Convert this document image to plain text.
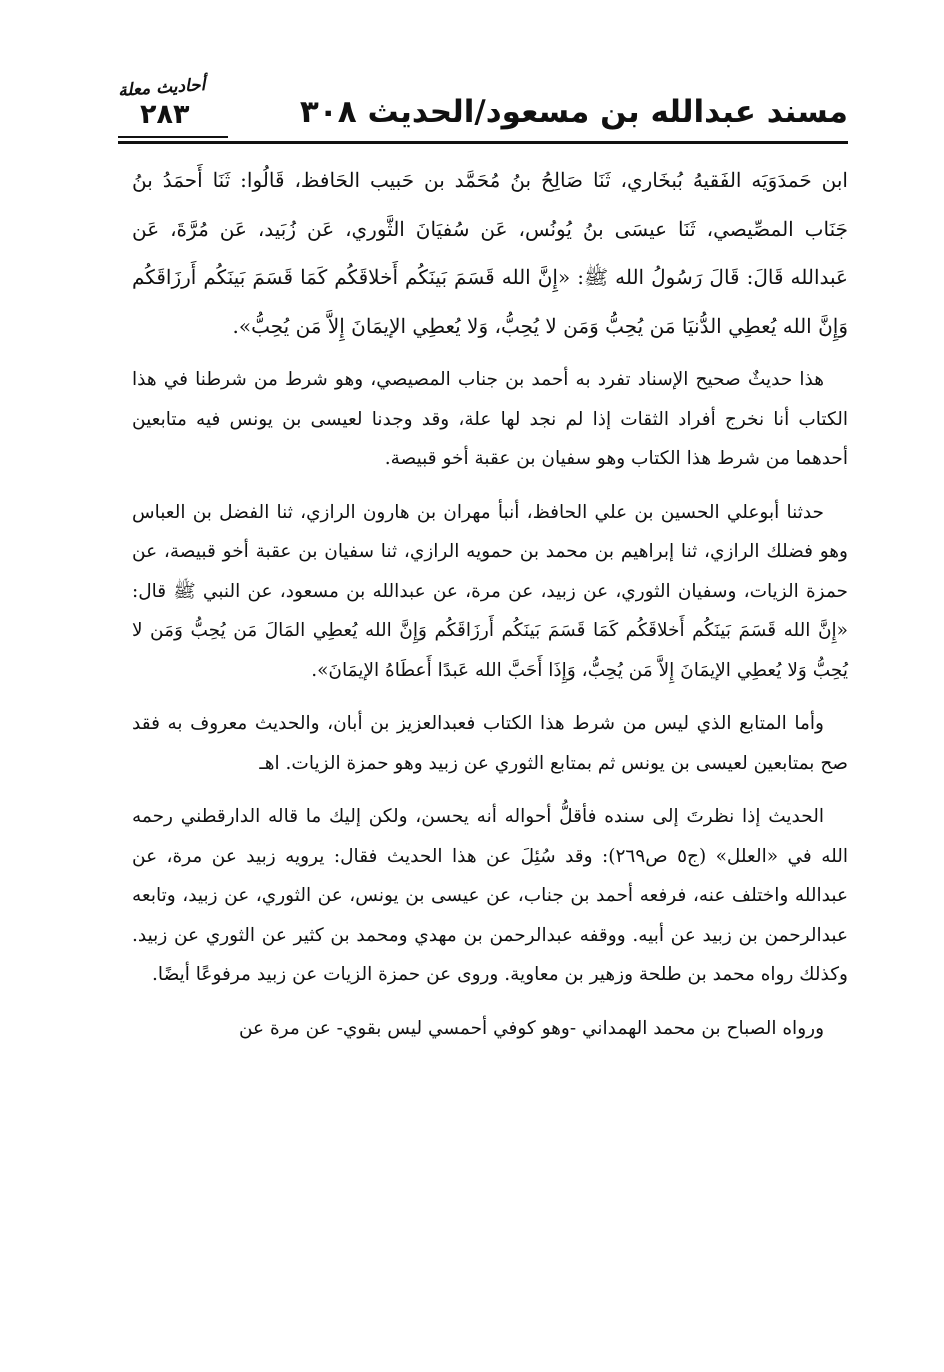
مسند عبدالله بن مسعود/الحديث ٣٠٨
أحاديث معلة
٢٨٣

ابن حَمدَوَيَه الفَقيهُ بُبخَاري، ثَنَا صَالِحُ بنُ مُحَمَّد بن حَبيب الحَافظ، قَالُوا: ثَنَا أَحمَدُ بنُ جَنَاب المصِّيصي، ثَنَا عيسَى بنُ يُونُس، عَن سُفيَانَ الثَّوري، عَن زُبَيد، عَن مُرَّةَ، عَن عَبدالله قَالَ: قَالَ رَسُولُ الله ﷺ: «إِنَّ الله قَسَمَ بَينَكُم أَخلاقَكُم كَمَا قَسَمَ بَينَكُم أَرزَاقَكُم وَإِنَّ الله يُعطِي الدُّنيَا مَن يُحِبُّ وَمَن لا يُحِبُّ، وَلا يُعطِي الإيمَانَ إِلاَّ مَن يُحِبُّ».

هذا حديثٌ صحيح الإسناد تفرد به أحمد بن جناب المصيصي، وهو شرط من شرطنا في هذا الكتاب أنا نخرج أفراد الثقات إذا لم نجد لها علة، وقد وجدنا لعيسى بن يونس فيه متابعين أحدهما من شرط هذا الكتاب وهو سفيان بن عقبة أخو قبيصة.

حدثنا أبوعلي الحسين بن علي الحافظ، أنبأ مهران بن هارون الرازي، ثنا الفضل بن العباس وهو فضلك الرازي، ثنا إبراهيم بن محمد بن حمويه الرازي، ثنا سفيان بن عقبة أخو قبيصة، عن حمزة الزيات، وسفيان الثوري، عن زبيد، عن مرة، عن عبدالله بن مسعود، عن النبي ﷺ قال: «إِنَّ الله قَسَمَ بَينَكُم أَخلاقَكُم كَمَا قَسَمَ بَينَكُم أَرزَاقَكُم وَإِنَّ الله يُعطِي المَالَ مَن يُحِبُّ وَمَن لا يُحِبُّ وَلا يُعطِي الإيمَانَ إِلاَّ مَن يُحِبُّ، وَإِذَا أَحَبَّ الله عَبدًا أَعطَاهُ الإيمَانَ».

وأما المتابع الذي ليس من شرط هذا الكتاب فعبدالعزيز بن أبان، والحديث معروف به فقد صح بمتابعين لعيسى بن يونس ثم بمتابع الثوري عن زبيد وهو حمزة الزيات. اهـ

الحديث إذا نظرتَ إلى سنده فأقلُّ أحواله أنه يحسن، ولكن إليك ما قاله الدارقطني رحمه الله في «العلل» (ج٥ ص٢٦٩): وقد سُئِلَ عن هذا الحديث فقال: يرويه زبيد عن مرة، عن عبدالله واختلف عنه، فرفعه أحمد بن جناب، عن عيسى بن يونس، عن الثوري، عن زبيد، وتابعه عبدالرحمن بن زبيد عن أبيه. ووقفه عبدالرحمن بن مهدي ومحمد بن كثير عن الثوري عن زبيد. وكذلك رواه محمد بن طلحة وزهير بن معاوية. وروى عن حمزة الزيات عن زبيد مرفوعًا أيضًا.

ورواه الصباح بن محمد الهمداني -وهو كوفي أحمسي ليس بقوي- عن مرة عن
